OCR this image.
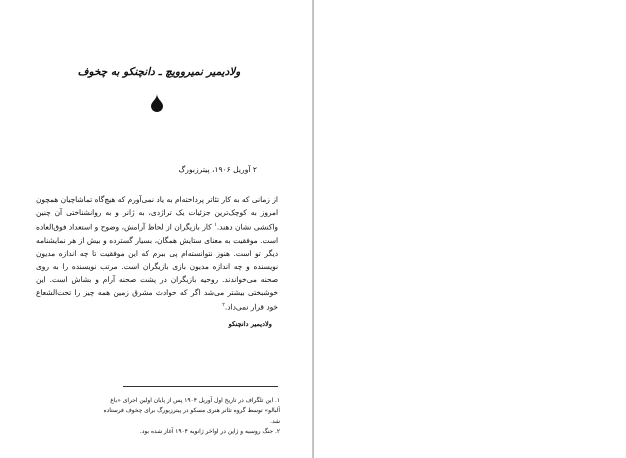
ولادیمیر نمیروویچ ـ دانچنکو به چخوف
۲ آوریل ۱۹۰۶، پیترزبورگ
از زمانی که به کار تئاتر پرداخته‌ام به یاد نمی‌آورم که هیچ‌گاه تماشاچیان همچون امروز به کوچک‌ترین جزئیات یک تراژدی، به ژانر و به روانشناختی آن چنین واکنشی نشان دهند.$^۱$ کار بازیگران از لحاظ آرامش، وضوح و استعداد فوق‌العاده است. موفقیت به معنای ستایش همگان، بسیار گسترده و بیش از هر نمایشنامه دیگر تو است. هنوز نتوانسته‌ام پی ببرم که این موفقیت تا چه اندازه مدیون نویسنده و چه اندازه مدیون بازی بازیگران است. مرتب نویسنده را به روی صحنه می‌خواندند. روحیه بازیگران در پشت صحنه آرام و بشاش است. این خوشبختی بیشتر می‌شد اگر که حوادث مشرق زمین همه چیز را تحت‌الشعاع خود قرار نمی‌داد.$^۲$
ولادیمیر دانچنکو

۱. این تلگراف در تاریخ اول آوریل ۱۹۰۴ پس از پایان اولین اجرای «باغ آلبالو» توسط گروه تئاتر هنری مسکو در پیترزبورگ برای چخوف فرستاده شد.

۲. جنگ روسیه و ژاپن در اواخر ژانویه ۱۹۰۴ آغاز شده بود.
